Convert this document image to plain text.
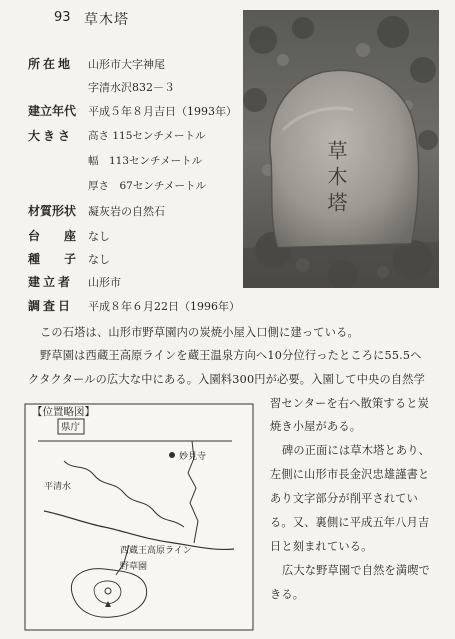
93 草木塔
所在地	山形市大字神尾
字清水沢832－３
建立年代	平成５年８月吉日（1993年）
大きさ	高さ 115センチメートル
幅　113センチメートル
厚さ　67センチメートル
材質形状	凝灰岩の自然石
台　　座	なし
種　　子	なし
建立者	山形市
調査日	平成８年６月22日（1996年）
草木塔
この石塔は、山形市野草園内の炭焼小屋入口側に建っている。
野草園は西蔵王高原ラインを蔵王温泉方向へ10分位行ったところに55.5ヘ
クタクタールの広大な中にある。入園料300円が必要。入園して中央の自然学
習センターを右へ散策すると炭
焼き小屋がある。
碑の正面には草木塔とあり、
左側に山形市長金沢忠雄謹書と
あり文字部分が削平されてい
る。又、裏側に平成五年八月吉
日と刻まれている。
広大な野草園で自然を満喫で
きる。
【位置略図】
県庁
妙見寺
平清水
西蔵王高原ライン
野草園
